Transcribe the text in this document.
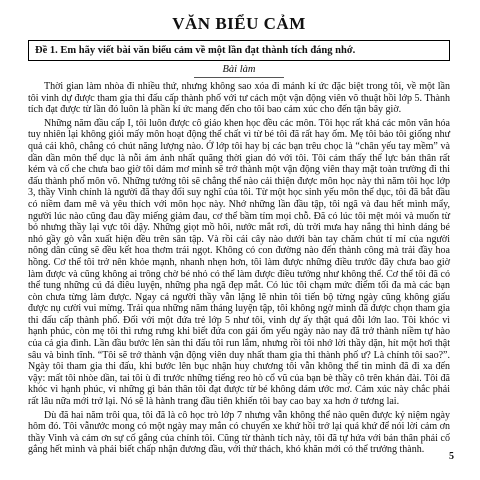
VĂN BIỂU CẢM
Đề 1. Em hãy viết bài văn biểu cảm về một lần đạt thành tích đáng nhớ.
Bài làm

Thời gian làm nhòa đi nhiều thứ, nhưng không sao xóa đi mảnh kí ức đặc biệt trong tôi, về một lần tôi vinh dự được tham gia thi đấu cấp thành phố với tư cách một vận động viên võ thuật hồi lớp 5. Thành tích đạt được từ lần đó luôn là phần kí ức mang đến cho tôi bao cảm xúc cho đến tận bây giờ.

Những năm đầu cấp I, tôi luôn được cô giáo khen học đều các môn. Tôi học rất khá các môn văn hóa tuy nhiên lại không giỏi mấy môn hoạt động thể chất vì từ bé tôi đã rất hay ốm. Mẹ tôi bảo tôi giống như quả cải khô, chẳng có chút năng lượng nào. Ở lớp tôi hay bị các bạn trêu chọc là “chân yếu tay mềm” và dần dần môn thể dục là nỗi ám ảnh nhất quãng thời gian đó với tôi. Tôi cảm thấy thể lực bản thân rất kém và cố che chưa bao giờ tôi dám mơ mình sẽ trở thành một vận động viên thay mặt toàn trường đi thi đấu thành phố môn võ. Những tưởng tôi sẽ chẳng thể nào cải thiện được môn học này thì năm tôi học lớp 3, thầy Vinh chính là người đã thay đổi suy nghĩ của tôi. Từ một học sinh yếu môn thể dục, tôi đã bắt đầu có niềm đam mê và yêu thích với môn học này. Nhớ những lần đầu tập, tôi ngã và đau hết mình mẩy, người lúc nào cũng đau đầy miếng giảm đau, cơ thể bầm tím mọi chỗ. Đã có lúc tôi mệt mỏi và muốn từ bỏ nhưng thầy lại vực tôi dậy. Những giọt mồ hôi, nước mắt rơi, dù trời mưa hay nắng thì hình dáng bé nhỏ gầy gò vẫn xuất hiện đều trên sân tập. Và rồi cái cây nào dưới bàn tay chăm chút tỉ mỉ của người nông dân cũng sẽ đều kết hoa thơm trái ngọt. Không có con đường nào đến thành công mà trải đầy hoa hồng. Cơ thể tôi trở nên khỏe mạnh, nhanh nhẹn hơn, tôi làm được những điều trước đây chưa bao giờ làm được và cũng không ai trông chờ bé nhỏ có thể làm được điều tưởng như không thể. Cơ thể tôi đã có thể tung những cú đá điêu luyện, những pha ngã đẹp mắt. Có lúc tôi chạm mức điểm tối đa mà các bạn còn chưa từng làm được. Ngay cả người thầy vẫn lặng lẽ nhìn tôi tiến bộ từng ngày cũng không giấu được nụ cười vui mừng. Trải qua những năm tháng luyện tập, tôi không ngờ mình đã được chọn tham gia thi đấu cấp thành phố. Đối với một đứa trẻ lớp 5 như tôi, vinh dự ấy thật quá đỗi lớn lao. Tôi khóc vì hạnh phúc, còn mẹ tôi thì rưng rưng khi biết đứa con gái ốm yếu ngày nào nay đã trở thành niềm tự hào của cả gia đình. Lần đầu bước lên sàn thi đấu tôi run lắm, nhưng rồi tôi nhớ lời thầy dặn, hít một hơi thật sâu và bình tĩnh. “Tôi sẽ trở thành vận động viên duy nhất tham gia thi thành phố ư? Là chính tôi sao?”. Ngày tôi tham gia thi đấu, khi bước lên bục nhận huy chương tôi vẫn không thể tin mình đã đi xa đến vậy: mất tôi nhòe dần, tai tôi ù đi trước những tiếng reo hò cổ vũ của bạn bè thầy cô trên khán đài. Tôi đã khóc vì hạnh phúc, vì những gì bản thân tôi đạt được từ bé không dám ước mơ. Cảm xúc này chắc phải rất lâu nữa mới trở lại. Nó sẽ là hành trang đầu tiên khiến tôi bay cao bay xa hơn ở tương lai.

Dù đã hai năm trôi qua, tôi đã là cô học trò lớp 7 nhưng vẫn không thể nào quên được kỷ niệm ngày hôm đó. Tôi vẫnước mong có một ngày may mắn có chuyến xe khứ hồi trở lại quá khứ để nói lời cảm ơn thầy Vinh và cảm ơn sự cố gắng của chính tôi. Cũng từ thành tích này, tôi đã tự hứa với bản thân phải cố gắng hết mình và phải biết chấp nhận đương đầu, với thử thách, khó khăn mới có thể trưởng thành.

5
